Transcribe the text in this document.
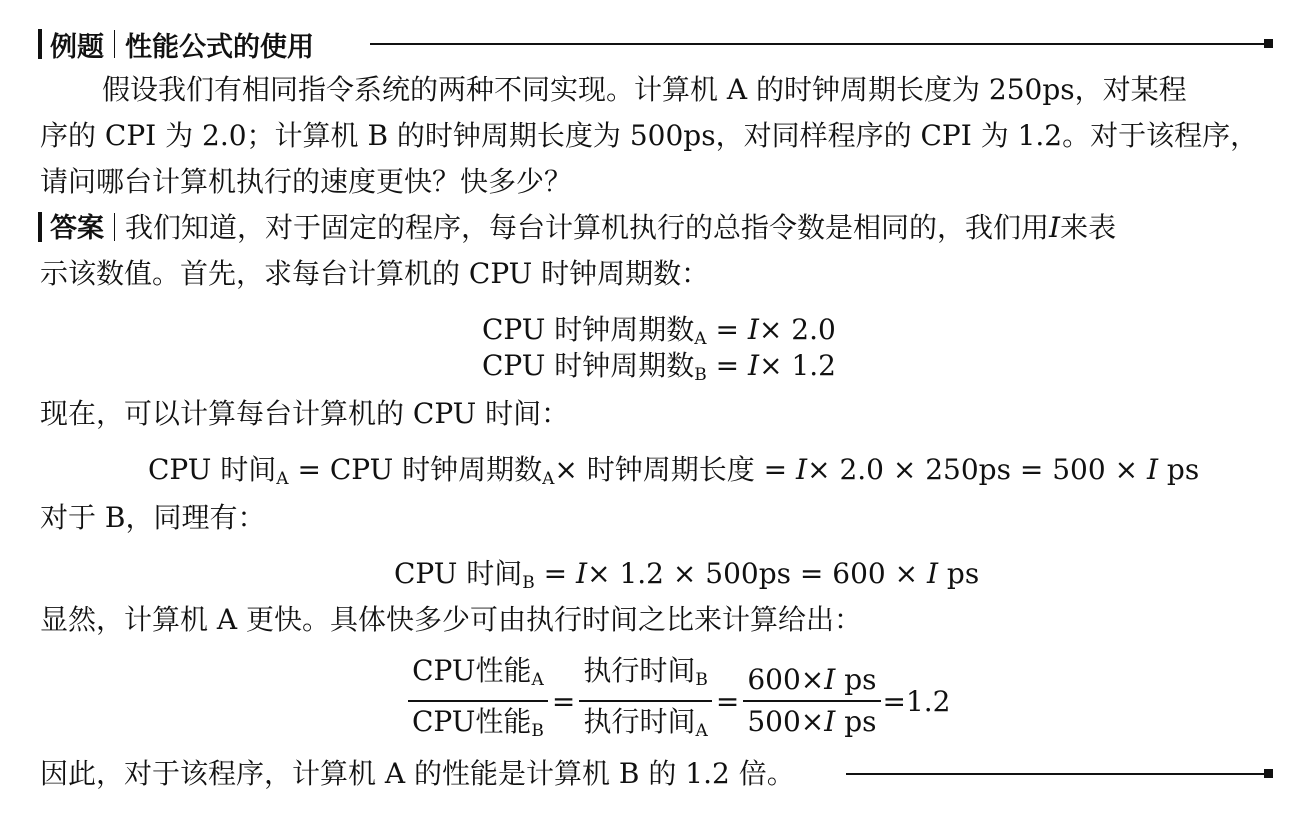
例题 性能公式的使用
假设我们有相同指令系统的两种不同实现。计算机 A 的时钟周期长度为 250ps，对某程
序的 CPI 为 2.0；计算机 B 的时钟周期长度为 500ps，对同样程序的 CPI 为 1.2。对于该程序，
请问哪台计算机执行的速度更快？快多少？
答案 我们知道，对于固定的程序，每台计算机执行的总指令数是相同的，我们用I来表
示该数值。首先，求每台计算机的 CPU 时钟周期数：
CPU 时钟周期数$_A$ = I× 2.0
CPU 时钟周期数$_B$ = I× 1.2
现在，可以计算每台计算机的 CPU 时间：
CPU 时间$_A$ = CPU 时钟周期数$_A$× 时钟周期长度 = I× 2.0 × 250ps = 500 × I ps
对于 B，同理有：
CPU 时间$_B$ = I× 1.2 × 500ps = 600 × I ps
显然，计算机 A 更快。具体快多少可由执行时间之比来计算给出：
$\frac{CPU性能_A}{CPU性能_B} = \frac{执行时间_B}{执行时间_A} = \frac{\text{600×I ps}}{\text{500×I ps}} =1.2$
因此，对于该程序，计算机 A 的性能是计算机 B 的 1.2 倍。
